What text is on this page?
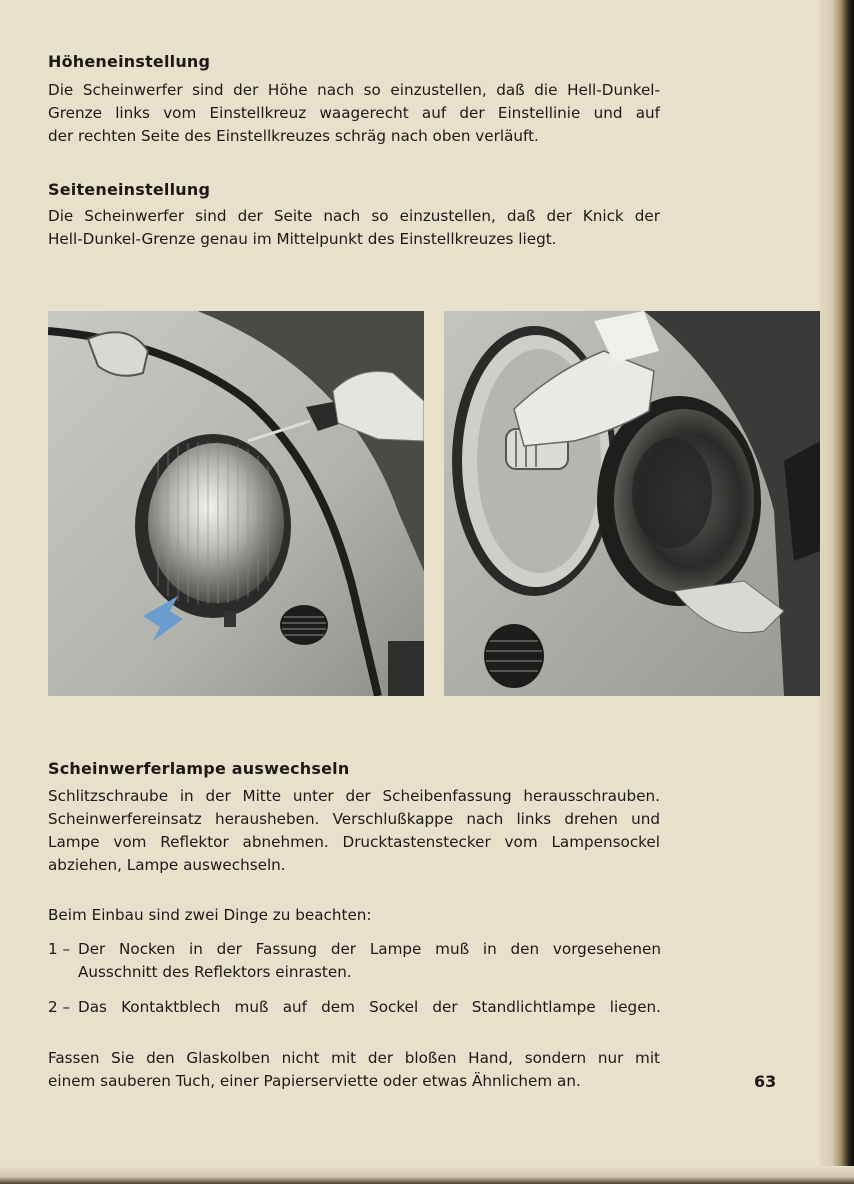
Höheneinstellung
Die Scheinwerfer sind der Höhe nach so einzustellen, daß die Hell-Dunkel-
Grenze links vom Einstellkreuz waagerecht auf der Einstellinie und auf
der rechten Seite des Einstellkreuzes schräg nach oben verläuft.
Seiteneinstellung
Die Scheinwerfer sind der Seite nach so einzustellen, daß der Knick der
Hell-Dunkel-Grenze genau im Mittelpunkt des Einstellkreuzes liegt.
Scheinwerferlampe auswechseln
Schlitzschraube in der Mitte unter der Scheibenfassung herausschrauben.
Scheinwerfereinsatz herausheben. Verschlußkappe nach links drehen und
Lampe vom Reflektor abnehmen. Drucktastenstecker vom Lampensockel
abziehen, Lampe auswechseln.
Beim Einbau sind zwei Dinge zu beachten:
1 – Der Nocken in der Fassung der Lampe muß in den vorgesehenen
Ausschnitt des Reflektors einrasten.
2 – Das Kontaktblech muß auf dem Sockel der Standlichtlampe liegen.
Fassen Sie den Glaskolben nicht mit der bloßen Hand, sondern nur mit
einem sauberen Tuch, einer Papierserviette oder etwas Ähnlichem an.	63
